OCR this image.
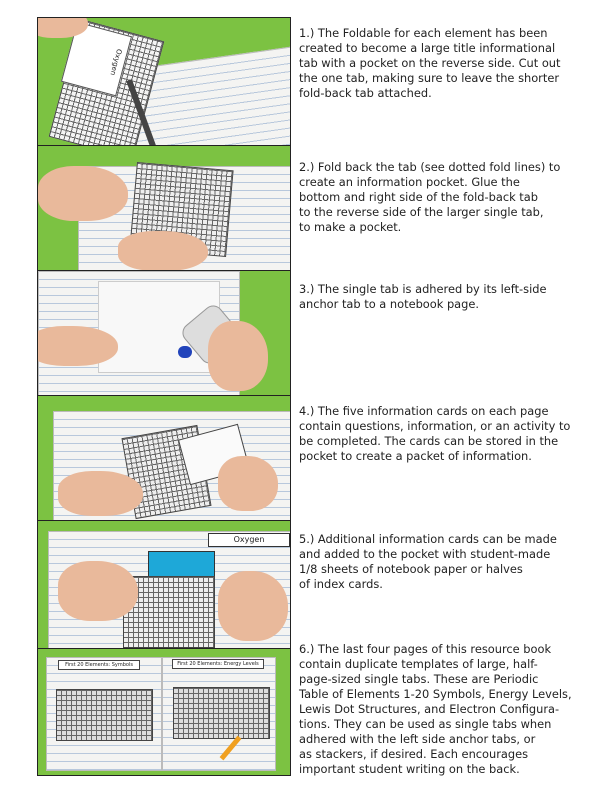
Oxygen
Oxygen
First 20 Elements: Symbols	First 20 Elements: Energy Levels
1.) The Foldable for each element has been
created to become a large title informational
tab with a pocket on the reverse side. Cut out
the one tab, making sure to leave the shorter
fold-back tab attached.
2.) Fold back the tab (see dotted fold lines) to
create an information pocket. Glue the
bottom and right side of the fold-back tab
to the reverse side of the larger single tab,
to make a pocket.
3.) The single tab is adhered by its left-side
anchor tab to a notebook page.
4.) The five information cards on each page
contain questions, information, or an activity to
be completed. The cards can be stored in the
pocket to create a packet of information.
5.) Additional information cards can be made
and added to the pocket with student-made
1/8 sheets of notebook paper or halves
of index cards.
6.) The last four pages of this resource book
contain duplicate templates of large, half-
page-sized single tabs. These are Periodic
Table of Elements 1-20 Symbols, Energy Levels,
Lewis Dot Structures, and Electron Configura-
tions. They can be used as single tabs when
adhered with the left side anchor tabs, or
as stackers, if desired. Each encourages
important student writing on the back.
